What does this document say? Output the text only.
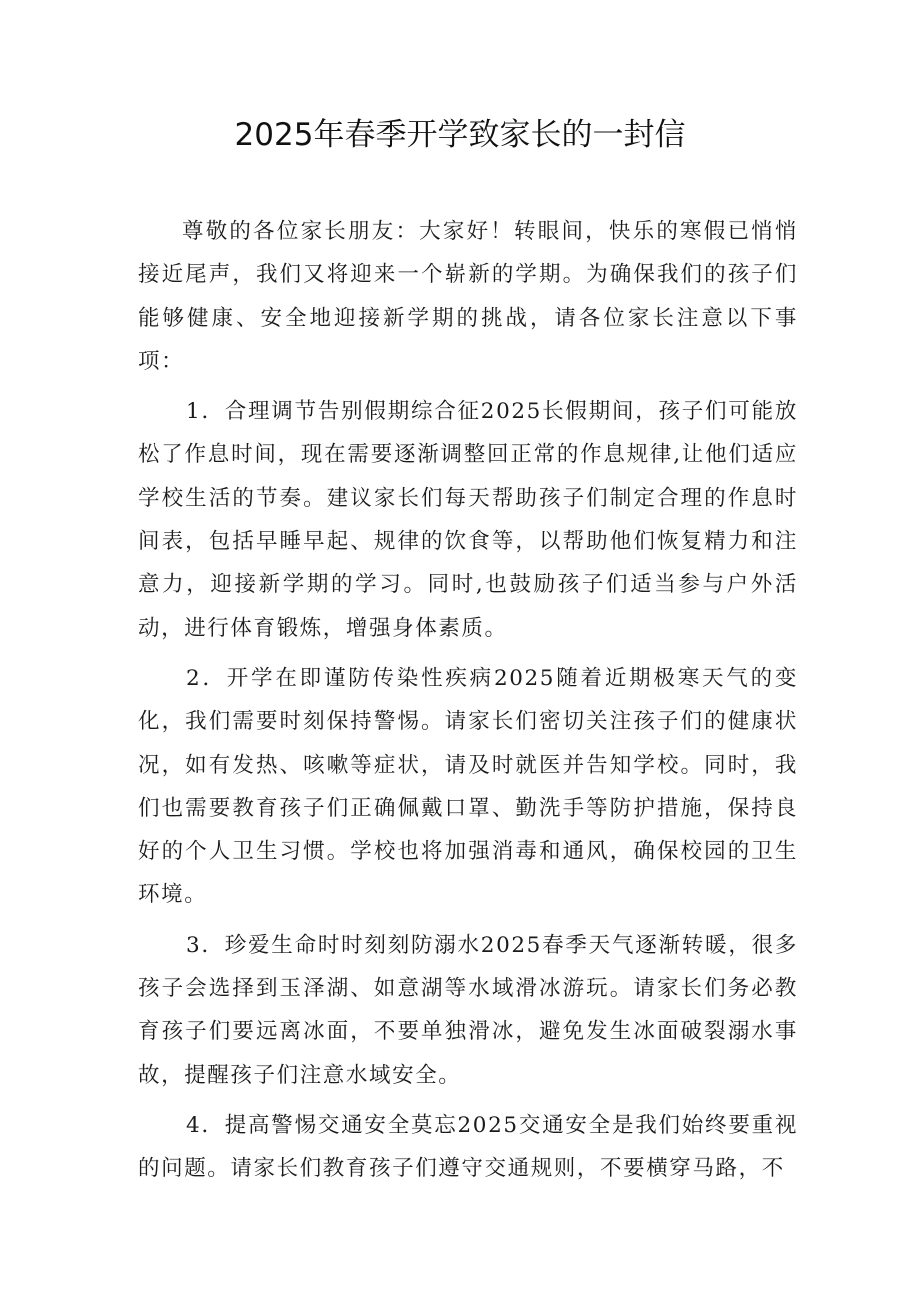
2025年春季开学致家长的一封信

尊敬的各位家长朋友：大家好！转眼间，快乐的寒假已悄悄接近尾声，我们又将迎来一个崭新的学期。为确保我们的孩子们能够健康、安全地迎接新学期的挑战，请各位家长注意以下事项：

1．合理调节告别假期综合征2025长假期间，孩子们可能放松了作息时间，现在需要逐渐调整回正常的作息规律,让他们适应学校生活的节奏。建议家长们每天帮助孩子们制定合理的作息时间表，包括早睡早起、规律的饮食等，以帮助他们恢复精力和注意力，迎接新学期的学习。同时,也鼓励孩子们适当参与户外活动，进行体育锻炼，增强身体素质。

2．开学在即谨防传染性疾病2025随着近期极寒天气的变化，我们需要时刻保持警惕。请家长们密切关注孩子们的健康状况，如有发热、咳嗽等症状，请及时就医并告知学校。同时，我们也需要教育孩子们正确佩戴口罩、勤洗手等防护措施，保持良好的个人卫生习惯。学校也将加强消毒和通风，确保校园的卫生环境。

3．珍爱生命时时刻刻防溺水2025春季天气逐渐转暖，很多孩子会选择到玉泽湖、如意湖等水域滑冰游玩。请家长们务必教育孩子们要远离冰面，不要单独滑冰，避免发生冰面破裂溺水事故，提醒孩子们注意水域安全。

4．提高警惕交通安全莫忘2025交通安全是我们始终要重视的问题。请家长们教育孩子们遵守交通规则，不要横穿马路，不
